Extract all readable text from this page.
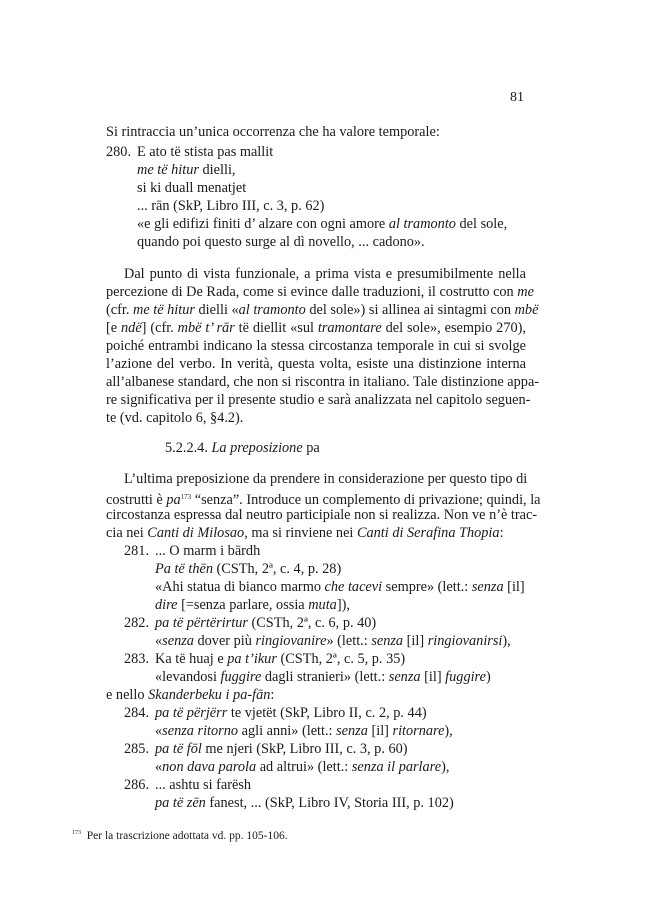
81
Si rintraccia un’unica occorrenza che ha valore temporale:
280. E ato të stista pas mallit
me të hitur dielli,
si ki duall menatjet
... rān (SkP, Libro III, c. 3, p. 62)
«e gli edifizi finiti d’ alzare con ogni amore al tramonto del sole,
quando poi questo surge al dì novello, ... cadono».
Dal punto di vista funzionale, a prima vista e presumibilmente nella
percezione di De Rada, come si evince dalle traduzioni, il costrutto con me
(cfr. me të hitur dielli «al tramonto del sole») si allinea ai sintagmi con mbë
[e ndë] (cfr. mbë t’ rār të diellit «sul tramontare del sole», esempio 270),
poiché entrambi indicano la stessa circostanza temporale in cui si svolge
l’azione del verbo. In verità, questa volta, esiste una distinzione interna
all’albanese standard, che non si riscontra in italiano. Tale distinzione appa-
re significativa per il presente studio e sarà analizzata nel capitolo seguen-
te (vd. capitolo 6, §4.2).
5.2.2.4. La preposizione pa
L’ultima preposizione da prendere in considerazione per questo tipo di
costrutti è $pa^{173}$ “senza”. Introduce un complemento di privazione; quindi, la
circostanza espressa dal neutro participiale non si realizza. Non ve n’è trac-
cia nei Canti di Milosao, ma si rinviene nei Canti di Serafina Thopia:
281. ... O marm i bārdh
Pa të thēn (CSTh, 2ª, c. 4, p. 28)
«Ahi statua di bianco marmo che tacevi sempre» (lett.: senza [il]
dire [=senza parlare, ossia muta]),
282. pa të përtërirtur (CSTh, 2ª, c. 6, p. 40)
«senza dover più ringiovanire» (lett.: senza [il] ringiovanirsi),
283. Ka të huaj e pa t’ikur (CSTh, 2ª, c. 5, p. 35)
«levandosi fuggire dagli stranieri» (lett.: senza [il] fuggire)
e nello Skanderbeku i pa-fān:
284. pa të përjërr te vjetët (SkP, Libro II, c. 2, p. 44)
«senza ritorno agli anni» (lett.: senza [il] ritornare),
285. pa të fōl me njeri (SkP, Libro III, c. 3, p. 60)
«non dava parola ad altrui» (lett.: senza il parlare),
286. ... ashtu si farësh
pa të zēn fanest, ... (SkP, Libro IV, Storia III, p. 102)
$^{173}$ Per la trascrizione adottata vd. pp. 105-106.
